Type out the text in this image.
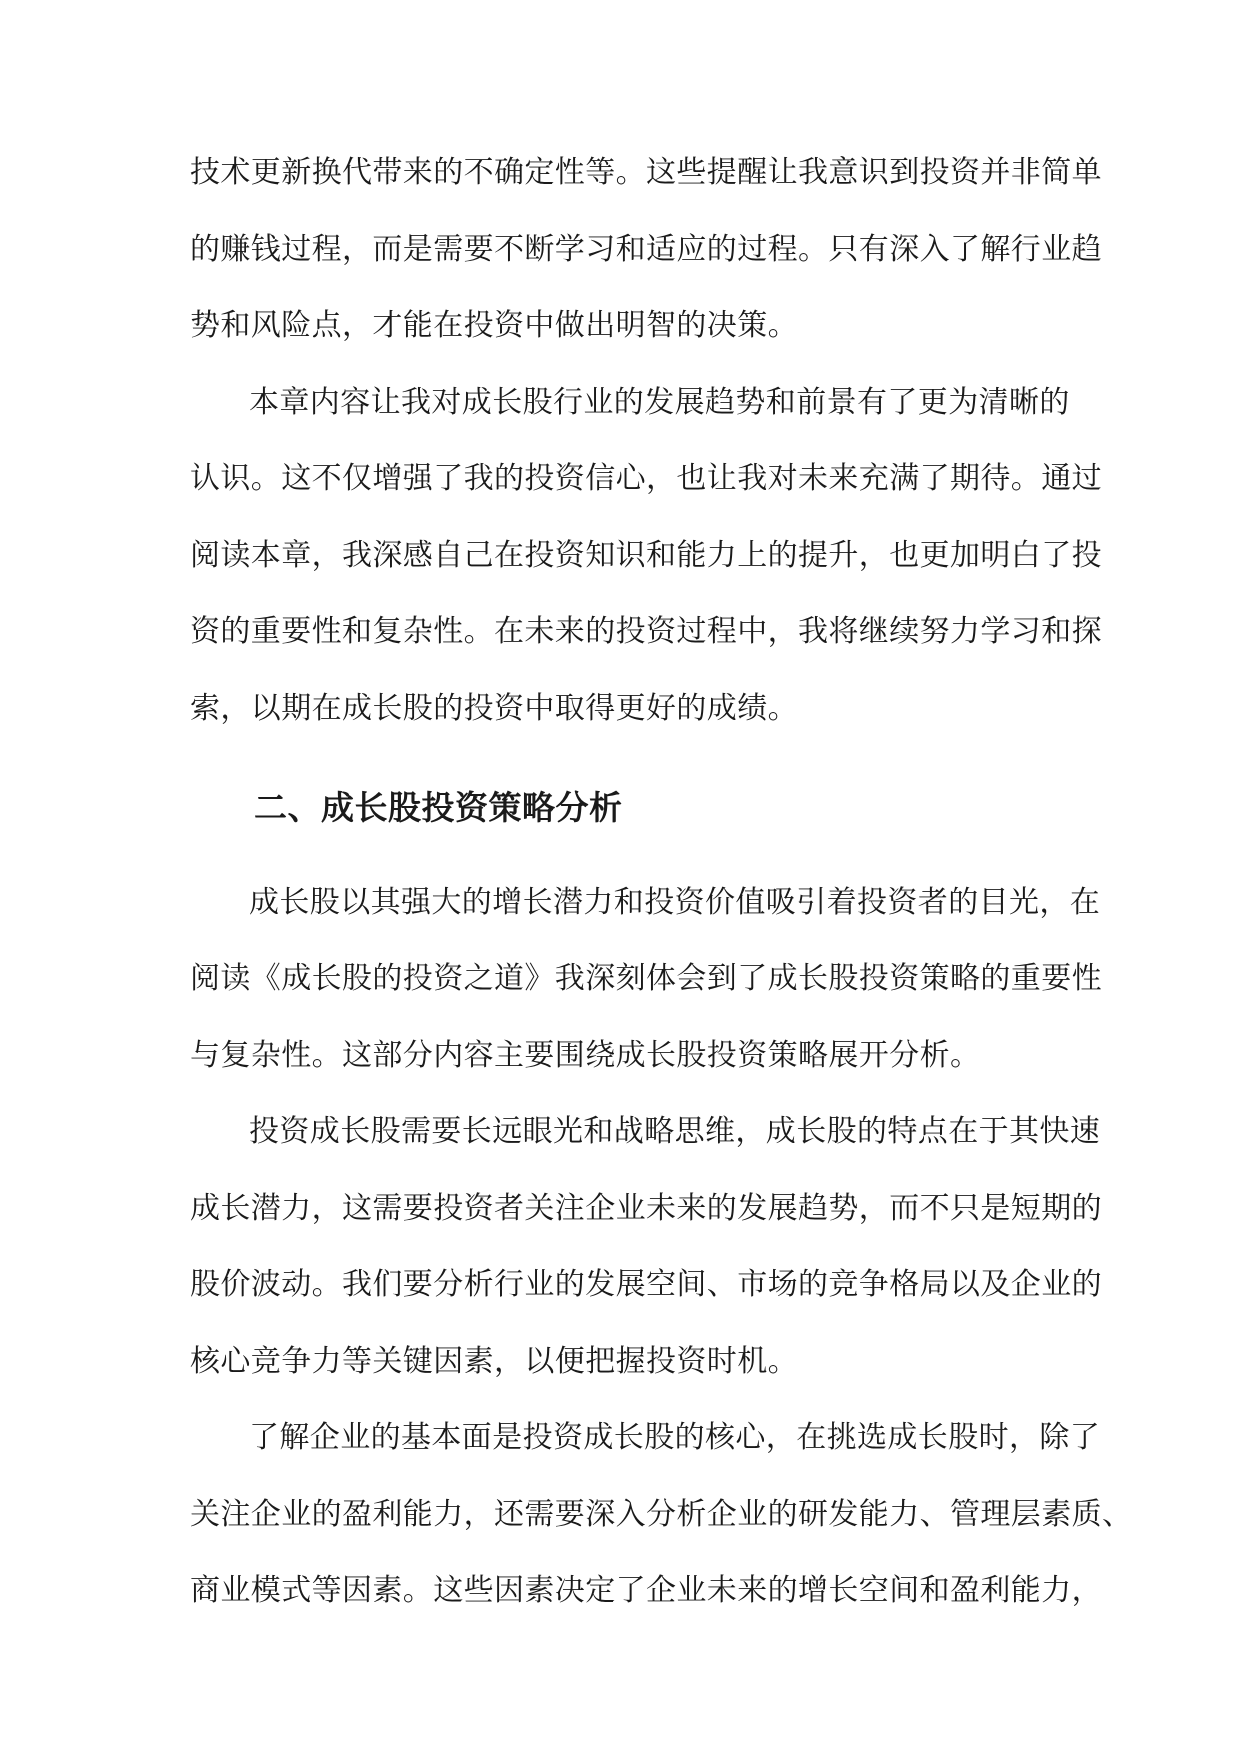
技术更新换代带来的不确定性等。这些提醒让我意识到投资并非简单
的赚钱过程，而是需要不断学习和适应的过程。只有深入了解行业趋
势和风险点，才能在投资中做出明智的决策。
本章内容让我对成长股行业的发展趋势和前景有了更为清晰的
认识。这不仅增强了我的投资信心，也让我对未来充满了期待。通过
阅读本章，我深感自己在投资知识和能力上的提升，也更加明白了投
资的重要性和复杂性。在未来的投资过程中，我将继续努力学习和探
索，以期在成长股的投资中取得更好的成绩。
二、成长股投资策略分析
成长股以其强大的增长潜力和投资价值吸引着投资者的目光，在
阅读《成长股的投资之道》我深刻体会到了成长股投资策略的重要性
与复杂性。这部分内容主要围绕成长股投资策略展开分析。
投资成长股需要长远眼光和战略思维，成长股的特点在于其快速
成长潜力，这需要投资者关注企业未来的发展趋势，而不只是短期的
股价波动。我们要分析行业的发展空间、市场的竞争格局以及企业的
核心竞争力等关键因素，以便把握投资时机。
了解企业的基本面是投资成长股的核心，在挑选成长股时，除了
关注企业的盈利能力，还需要深入分析企业的研发能力、管理层素质、
商业模式等因素。这些因素决定了企业未来的增长空间和盈利能力，
